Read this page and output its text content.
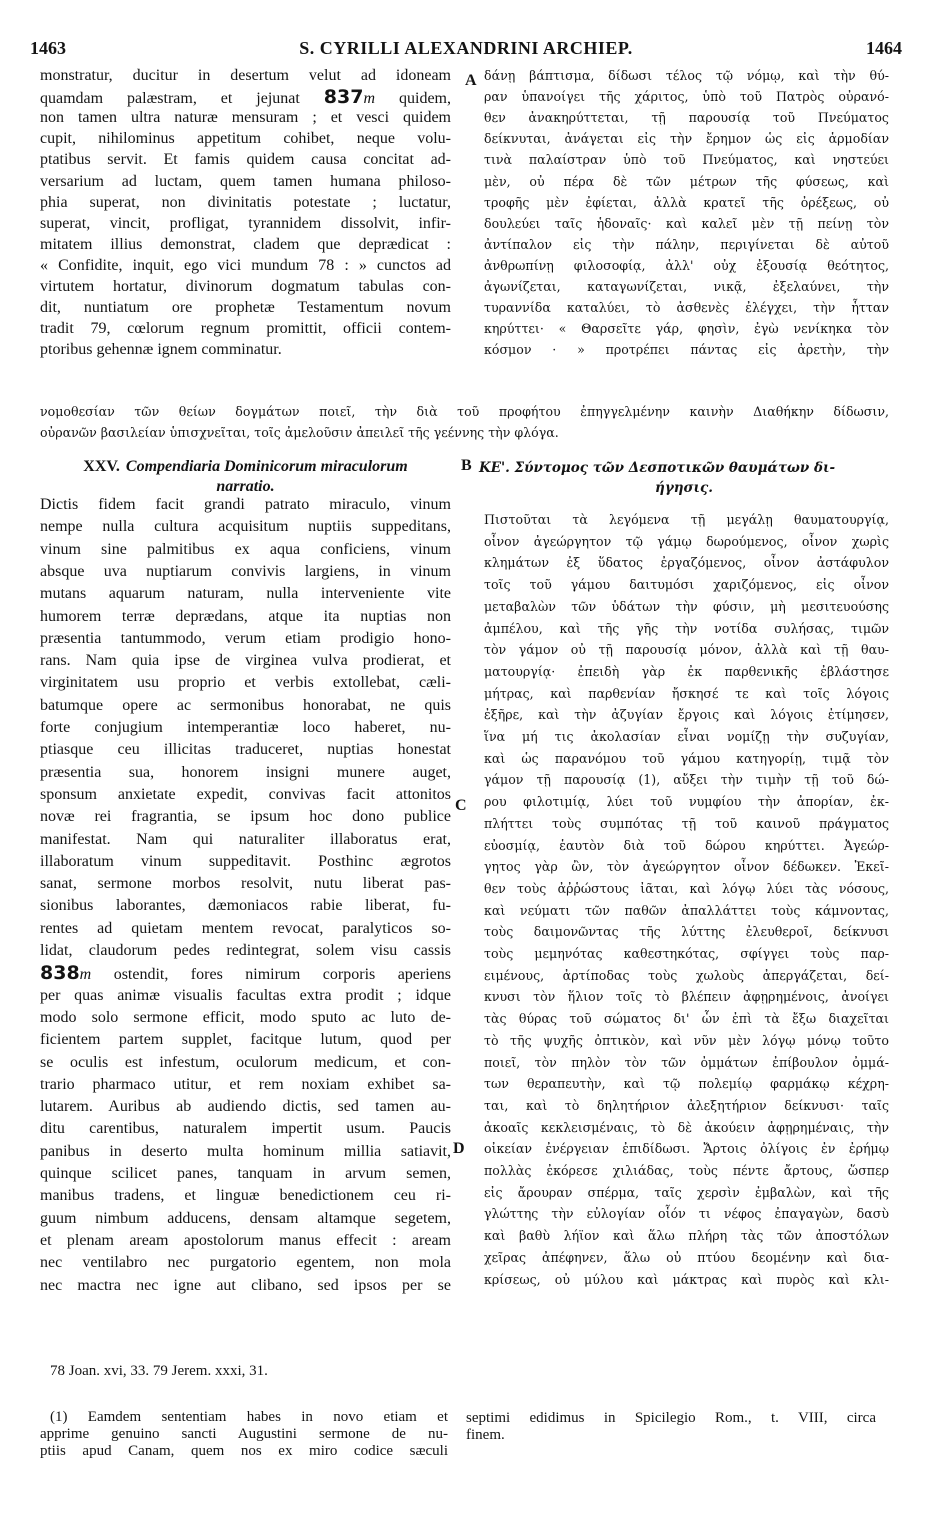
1463	S. CYRILLI ALEXANDRINI ARCHIEP.	1464
monstratur, ducitur in desertum velut ad idoneam
quamdam palæstram, et jejunat 837m quidem,
non tamen ultra naturæ mensuram ; et vesci quidem
cupit, nihilominus appetitum cohibet, neque volu-
ptatibus servit. Et famis quidem causa concitat ad-
versarium ad luctam, quem tamen humana philoso-
phia superat, non divinitatis potestate ; luctatur,
superat, vincit, profligat, tyrannidem dissolvit, infir-
mitatem illius demonstrat, cladem que deprædicat :
« Confidite, inquit, ego vici mundum 78 : » cunctos ad
virtutem hortatur, divinorum dogmatum tabulas con-
dit, nuntiatum ore prophetæ Testamentum novum
tradit 79, cœlorum regnum promittit, officii contem-
ptoribus gehennæ ignem comminatur.
δάνῃ βάπτισμα, δίδωσι τέλος τῷ νόμῳ, καὶ τὴν θύ-
ραν ὑπανοίγει τῆς χάριτος, ὑπὸ τοῦ Πατρὸς οὐρανό-
θεν ἀνακηρύττεται, τῇ παρουσίᾳ τοῦ Πνεύματος
δείκνυται, ἀνάγεται εἰς τὴν ἔρημον ὡς εἰς ἁρμοδίαν
τινὰ παλαίστραν ὑπὸ τοῦ Πνεύματος, καὶ νηστεύει
μὲν, οὐ πέρα δὲ τῶν μέτρων τῆς φύσεως, καὶ
τροφῆς μὲν ἐφίεται, ἀλλὰ κρατεῖ τῆς ὀρέξεως, οὐ
δουλεύει ταῖς ἡδοναῖς· καὶ καλεῖ μὲν τῇ πείνῃ τὸν
ἀντίπαλον εἰς τὴν πάλην, περιγίνεται δὲ αὐτοῦ
ἀνθρωπίνῃ φιλοσοφίᾳ, ἀλλ' οὐχ ἐξουσίᾳ θεότητος,
ἀγωνίζεται, καταγωνίζεται, νικᾷ, ἐξελαύνει, τὴν
τυραννίδα καταλύει, τὸ ἀσθενὲς ἐλέγχει, τὴν ἧτταν
κηρύττει· « Θαρσεῖτε γάρ, φησὶν, ἐγὼ νενίκηκα τὸν
κόσμον · » προτρέπει πάντας εἰς ἀρετὴν, τὴν
νομοθεσίαν τῶν θείων δογμάτων ποιεῖ, τὴν διὰ τοῦ προφήτου ἐπηγγελμένην καινὴν Διαθήκην δίδωσιν,
οὐρανῶν βασιλείαν ὑπισχνεῖται, τοῖς ἀμελοῦσιν ἀπειλεῖ τῆς γεέννης τὴν φλόγα.
A
B
C
D
XXV. Compendiaria Dominicorum miraculorum
narratio.
ΚΕ'. Σύντομος τῶν Δεσποτικῶν θαυμάτων δι-
ήγησις.
Dictis fidem facit grandi patrato miraculo, vinum
nempe nulla cultura acquisitum nuptiis suppeditans,
vinum sine palmitibus ex aqua conficiens, vinum
absque uva nuptiarum convivis largiens, in vinum
mutans aquarum naturam, nulla interveniente vite
humorem terræ deprædans, atque ita nuptias non
præsentia tantummodo, verum etiam prodigio hono-
rans. Nam quia ipse de virginea vulva prodierat, et
virginitatem usu proprio et verbis extollebat, cæli-
batumque opere ac sermonibus honorabat, ne quis
forte conjugium intemperantiæ loco haberet, nu-
ptiasque ceu illicitas traduceret, nuptias honestat
præsentia sua, honorem insigni munere auget,
sponsum anxietate expedit, convivas facit attonitos
novæ rei fragrantia, se ipsum hoc dono publice
manifestat. Nam qui naturaliter illaboratus erat,
illaboratum vinum suppeditavit. Posthinc ægrotos
sanat, sermone morbos resolvit, nutu liberat pas-
sionibus laborantes, dæmoniacos rabie liberat, fu-
rentes ad quietam mentem revocat, paralyticos so-
lidat, claudorum pedes redintegrat, solem visu cassis
838m ostendit, fores nimirum corporis aperiens
per quas animæ visualis facultas extra prodit ; idque
modo solo sermone efficit, modo sputo ac luto de-
ficientem partem supplet, facitque lutum, quod per
se oculis est infestum, oculorum medicum, et con-
trario pharmaco utitur, et rem noxiam exhibet sa-
lutarem. Auribus ab audiendo dictis, sed tamen au-
ditu carentibus, naturalem impertit usum. Paucis
panibus in deserto multa hominum millia satiavit,
quinque scilicet panes, tanquam in arvum semen,
manibus tradens, et linguæ benedictionem ceu ri-
guum nimbum adducens, densam altamque segetem,
et plenam aream apostolorum manus effecit : aream
nec ventilabro nec purgatorio egentem, non mola
nec mactra nec igne aut clibano, sed ipsos per se
Πιστοῦται τὰ λεγόμενα τῇ μεγάλῃ θαυματουργίᾳ,
οἶνον ἀγεώργητον τῷ γάμῳ δωρούμενος, οἶνον χωρὶς
κλημάτων ἐξ ὕδατος ἐργαζόμενος, οἶνον ἀστάφυλον
τοῖς τοῦ γάμου δαιτυμόσι χαριζόμενος, εἰς οἶνον
μεταβαλὼν τῶν ὑδάτων τὴν φύσιν, μὴ μεσιτευούσης
ἀμπέλου, καὶ τῆς γῆς τὴν νοτίδα συλήσας, τιμῶν
τὸν γάμον οὐ τῇ παρουσίᾳ μόνον, ἀλλὰ καὶ τῇ θαυ-
ματουργίᾳ· ἐπειδὴ γὰρ ἐκ παρθενικῆς ἐβλάστησε
μήτρας, καὶ παρθενίαν ἤσκησέ τε καὶ τοῖς λόγοις
ἐξῆρε, καὶ τὴν ἀζυγίαν ἔργοις καὶ λόγοις ἐτίμησεν,
ἵνα μή τις ἀκολασίαν εἶναι νομίζῃ τὴν συζυγίαν,
καὶ ὡς παρανόμου τοῦ γάμου κατηγορίῃ, τιμᾷ τὸν
γάμον τῇ παρουσίᾳ (1), αὔξει τὴν τιμὴν τῇ τοῦ δώ-
ρου φιλοτιμίᾳ, λύει τοῦ νυμφίου τὴν ἀπορίαν, ἐκ-
πλήττει τοὺς συμπότας τῇ τοῦ καινοῦ πράγματος
εὐοσμίᾳ, ἑαυτὸν διὰ τοῦ δώρου κηρύττει. Ἀγεώρ-
γητος γὰρ ὢν, τὸν ἀγεώργητον οἶνον δέδωκεν. Ἐκεῖ-
θεν τοὺς ἀῤῥώστους ἰᾶται, καὶ λόγῳ λύει τὰς νόσους,
καὶ νεύματι τῶν παθῶν ἀπαλλάττει τοὺς κάμνοντας,
τοὺς δαιμονῶντας τῆς λύττης ἐλευθεροῖ, δείκνυσι
τοὺς μεμηνότας καθεστηκότας, σφίγγει τοὺς παρ-
ειμένους, ἀρτίποδας τοὺς χωλοὺς ἀπεργάζεται, δεί-
κνυσι τὸν ἥλιον τοῖς τὸ βλέπειν ἀφῃρημένοις, ἀνοίγει
τὰς θύρας τοῦ σώματος δι' ὧν ἐπὶ τὰ ἔξω διαχεῖται
τὸ τῆς ψυχῆς ὀπτικὸν, καὶ νῦν μὲν λόγῳ μόνῳ τοῦτο
ποιεῖ, τὸν πηλὸν τὸν τῶν ὀμμάτων ἐπίβουλον ὀμμά-
των θεραπευτὴν, καὶ τῷ πολεμίῳ φαρμάκῳ κέχρη-
ται, καὶ τὸ δηλητήριον ἀλεξητήριον δείκνυσι· ταῖς
ἀκοαῖς κεκλεισμέναις, τὸ δὲ ἀκούειν ἀφῃρημέναις, τὴν
οἰκείαν ἐνέργειαν ἐπιδίδωσι. Ἄρτοις ὀλίγοις ἐν ἐρήμῳ
πολλὰς ἐκόρεσε χιλιάδας, τοὺς πέντε ἄρτους, ὥσπερ
εἰς ἄρουραν σπέρμα, ταῖς χερσὶν ἐμβαλὼν, καὶ τῆς
γλώττης τὴν εὐλογίαν οἷόν τι νέφος ἐπαγαγὼν, δασὺ
καὶ βαθὺ λήϊον καὶ ἅλω πλήρη τὰς τῶν ἀποστόλων
χεῖρας ἀπέφηνεν, ἅλω οὐ πτύου δεομένην καὶ δια-
κρίσεως, οὐ μύλου καὶ μάκτρας καὶ πυρὸς καὶ κλι-
78 Joan. xvi, 33. 79 Jerem. xxxi, 31.
(1) Eamdem sententiam habes in novo etiam et
apprime genuino sancti Augustini sermone de nu-
ptiis apud Canam, quem nos ex miro codice sæculi
septimi edidimus in Spicilegio Rom., t. VIII, circa
finem.
